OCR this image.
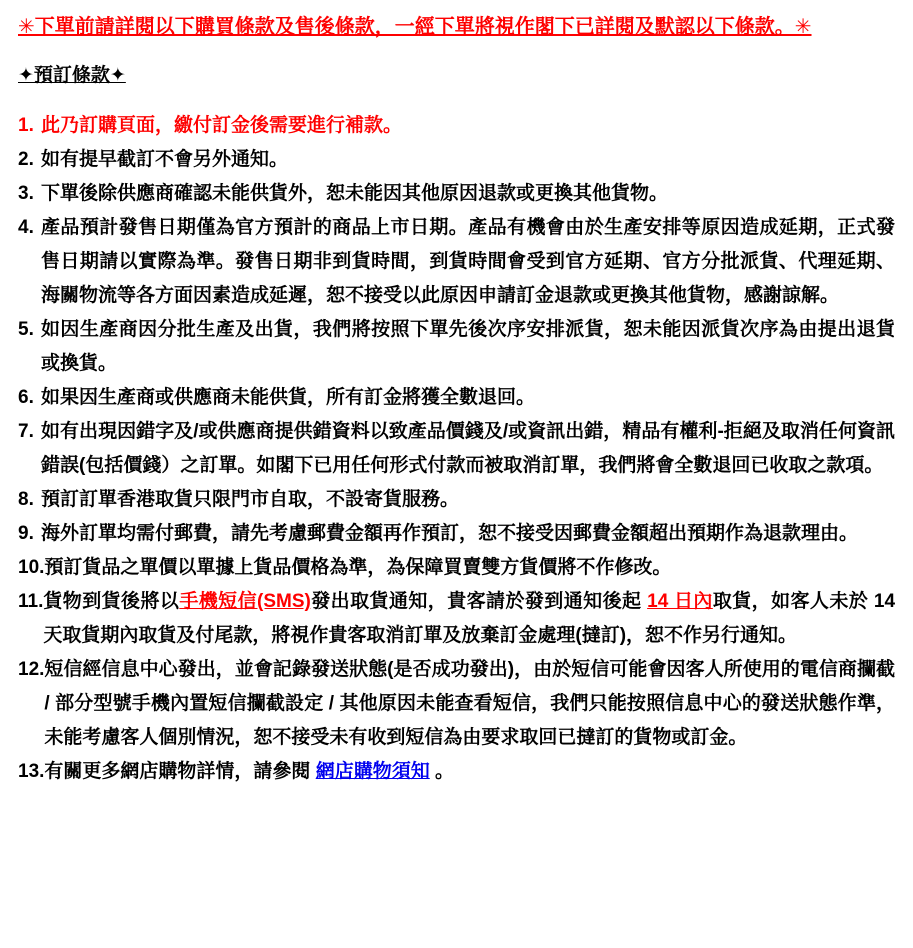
✳下單前請詳閱以下購買條款及售後條款，一經下單將視作閣下已詳閱及默認以下條款。✳
✦預訂條款✦
1. 此乃訂購頁面，繳付訂金後需要進行補款。
2. 如有提早截訂不會另外通知。
3. 下單後除供應商確認未能供貨外，恕未能因其他原因退款或更換其他貨物。
4. 產品預計發售日期僅為官方預計的商品上市日期。產品有機會由於生產安排等原因造成延期，正式發售日期請以實際為準。發售日期非到貨時間，到貨時間會受到官方延期、官方分批派貨、代理延期、海關物流等各方面因素造成延遲，恕不接受以此原因申請訂金退款或更換其他貨物，感謝諒解。
5. 如因生產商因分批生產及出貨，我們將按照下單先後次序安排派貨，恕未能因派貨次序為由提出退貨或換貨。
6. 如果因生產商或供應商未能供貨，所有訂金將獲全數退回。
7. 如有出現因錯字及/或供應商提供錯資料以致產品價錢及/或資訊出錯，精品有權利-拒絕及取消任何資訊錯誤(包括價錢）之訂單。如閣下已用任何形式付款而被取消訂單，我們將會全數退回已收取之款項。
8. 預訂訂單香港取貨只限門市自取，不設寄貨服務。
9. 海外訂單均需付郵費，請先考慮郵費金額再作預訂，恕不接受因郵費金額超出預期作為退款理由。
10. 預訂貨品之單價以單據上貨品價格為準，為保障買賣雙方貨價將不作修改。
11. 貨物到貨後將以手機短信(SMS)發出取貨通知，貴客請於發到通知後起 14 日內取貨，如客人未於 14 天取貨期內取貨及付尾款，將視作貴客取消訂單及放棄訂金處理(撻訂)，恕不作另行通知。
12. 短信經信息中心發出，並會記錄發送狀態(是否成功發出)，由於短信可能會因客人所使用的電信商攔截 / 部分型號手機內置短信攔截設定 / 其他原因未能查看短信，我們只能按照信息中心的發送狀態作準，未能考慮客人個別情況，恕不接受未有收到短信為由要求取回已撻訂的貨物或訂金。
13. 有關更多網店購物詳情，請參閱 網店購物須知 。
